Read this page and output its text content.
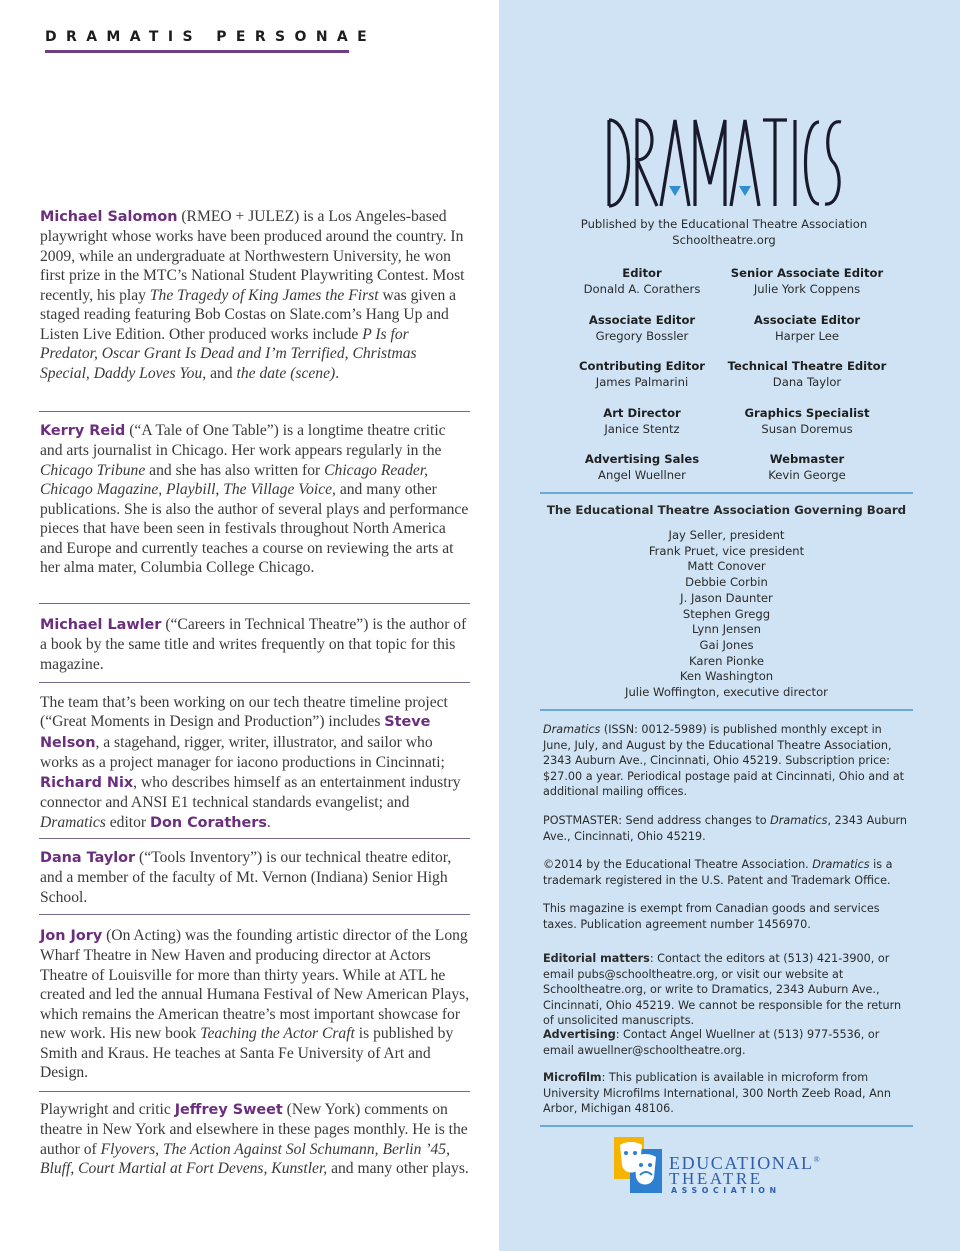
DRAMATIS PERSONAE
Michael Salomon (RMEO + JULEZ) is a Los Angeles-based playwright whose works have been produced around the country. In 2009, while an undergraduate at Northwestern University, he won first prize in the MTC’s National Student Playwriting Contest. Most recently, his play The Tragedy of King James the First was given a staged reading featuring Bob Costas on Slate.com’s Hang Up and Listen Live Edition. Other produced works include P Is for Predator, Oscar Grant Is Dead and I’m Terrified, Christmas Special, Daddy Loves You, and the date (scene).
Kerry Reid (“A Tale of One Table”) is a longtime theatre critic and arts journalist in Chicago. Her work appears regularly in the Chicago Tribune and she has also written for Chicago Reader, Chicago Magazine, Playbill, The Village Voice, and many other publications. She is also the author of several plays and performance pieces that have been seen in festivals throughout North America and Europe and currently teaches a course on reviewing the arts at her alma mater, Columbia College Chicago.
Michael Lawler (“Careers in Technical Theatre”) is the author of a book by the same title and writes frequently on that topic for this magazine.
The team that’s been working on our tech theatre timeline project (“Great Moments in Design and Production”) includes Steve Nelson, a stagehand, rigger, writer, illustrator, and sailor who works as a project manager for iacono productions in Cincinnati; Richard Nix, who describes himself as an entertainment industry connector and ANSI E1 technical standards evangelist; and Dramatics editor Don Corathers.
Dana Taylor (“Tools Inventory”) is our technical theatre editor, and a member of the faculty of Mt. Vernon (Indiana) Senior High School.
Jon Jory (On Acting) was the founding artistic director of the Long Wharf Theatre in New Haven and producing director at Actors Theatre of Louisville for more than thirty years. While at ATL he created and led the annual Humana Festival of New American Plays, which remains the American theatre’s most important showcase for new work. His new book Teaching the Actor Craft is published by Smith and Kraus. He teaches at Santa Fe University of Art and Design.
Playwright and critic Jeffrey Sweet (New York) comments on theatre in New York and elsewhere in these pages monthly. He is the author of Flyovers, The Action Against Sol Schumann, Berlin ’45, Bluff, Court Martial at Fort Devens, Kunstler, and many other plays.
Published by the Educational Theatre Association
Schooltheatre.org
Editor
Donald A. Corathers
Senior Associate Editor
Julie York Coppens
Associate Editor
Gregory Bossler
Associate Editor
Harper Lee
Contributing Editor
James Palmarini
Technical Theatre Editor
Dana Taylor
Art Director
Janice Stentz
Graphics Specialist
Susan Doremus
Advertising Sales
Angel Wuellner
Webmaster
Kevin George
The Educational Theatre Association Governing Board
Jay Seller, president
Frank Pruet, vice president
Matt Conover
Debbie Corbin
J. Jason Daunter
Stephen Gregg
Lynn Jensen
Gai Jones
Karen Pionke
Ken Washington
Julie Woffington, executive director
Dramatics (ISSN: 0012-5989) is published monthly except in June, July, and August by the Educational Theatre Association, 2343 Auburn Ave., Cincinnati, Ohio 45219. Subscription price: $27.00 a year. Periodical postage paid at Cincinnati, Ohio and at additional mailing offices.
POSTMASTER: Send address changes to Dramatics, 2343 Auburn Ave., Cincinnati, Ohio 45219.
©2014 by the Educational Theatre Association. Dramatics is a trademark registered in the U.S. Patent and Trademark Office.
This magazine is exempt from Canadian goods and services taxes. Publication agreement number 1456970.
Editorial matters: Contact the editors at (513) 421-3900, or email pubs@schooltheatre.org, or visit our website at Schooltheatre.org, or write to Dramatics, 2343 Auburn Ave., Cincinnati, Ohio 45219. We cannot be responsible for the return of unsolicited manuscripts.
Advertising: Contact Angel Wuellner at (513) 977-5536, or email awuellner@schooltheatre.org.
Microfilm: This publication is available in microform from University Microfilms International, 300 North Zeeb Road, Ann Arbor, Michigan 48106.
EDUCATIONAL®
THEATRE
ASSOCIATION
